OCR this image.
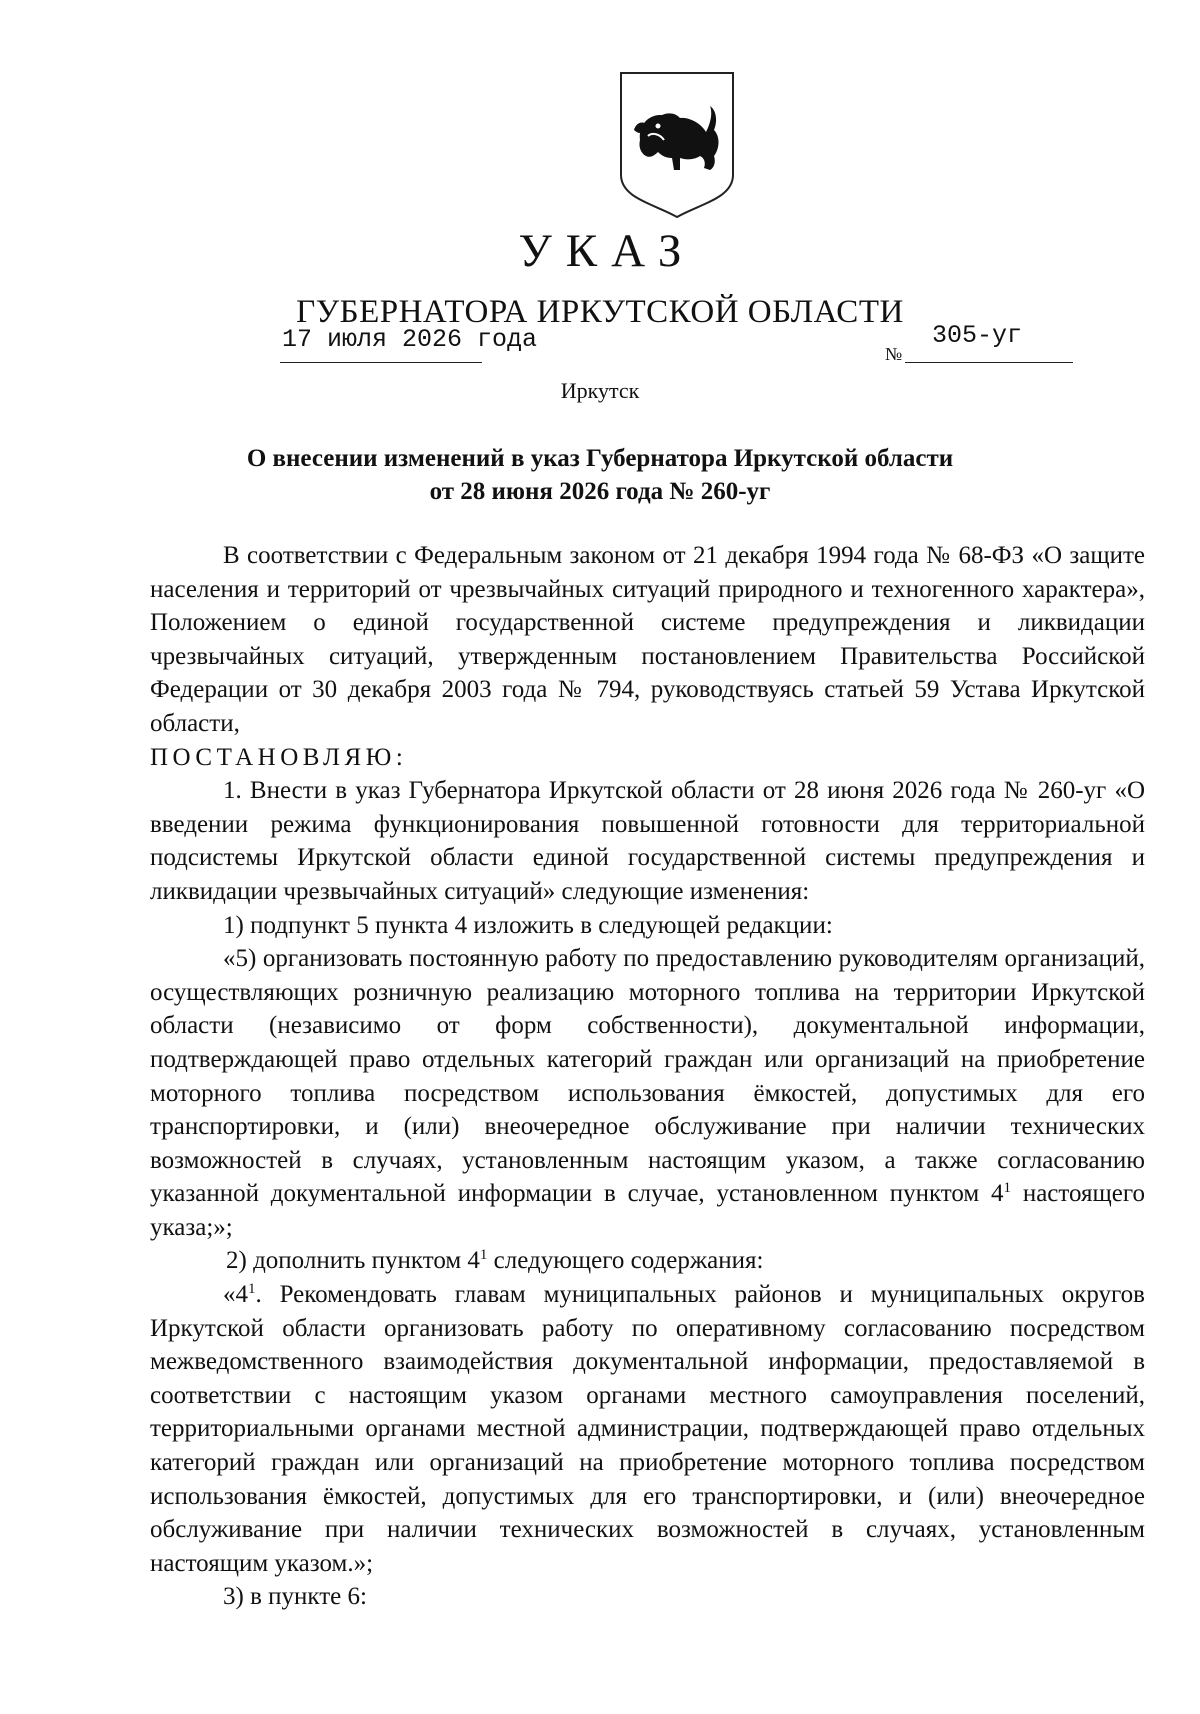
УКАЗ
ГУБЕРНАТОРА ИРКУТСКОЙ ОБЛАСТИ
17 июля 2026 года	№
305-уг
Иркутск
О внесении изменений в указ Губернатора Иркутской области
от 28 июня 2026 года № 260-уг

В соответствии с Федеральным законом от 21 декабря 1994 года № 68-ФЗ «О защите населения и территорий от чрезвычайных ситуаций природного и техногенного характера», Положением о единой государственной системе предупреждения и ликвидации чрезвычайных ситуаций, утвержденным постановлением Правительства Российской Федерации от 30 декабря 2003 года № 794, руководствуясь статьей 59 Устава Иркутской области,

ПОСТАНОВЛЯЮ:

1. Внести в указ Губернатора Иркутской области от 28 июня 2026 года № 260-уг «О введении режима функционирования повышенной готовности для территориальной подсистемы Иркутской области единой государственной системы предупреждения и ликвидации чрезвычайных ситуаций» следующие изменения:

1) подпункт 5 пункта 4 изложить в следующей редакции:

«5) организовать постоянную работу по предоставлению руководителям организаций, осуществляющих розничную реализацию моторного топлива на территории Иркутской области (независимо от форм собственности), документальной информации, подтверждающей право отдельных категорий граждан или организаций на приобретение моторного топлива посредством использования ёмкостей, допустимых для его транспортировки, и (или) внеочередное обслуживание при наличии технических возможностей в случаях, установленным настоящим указом, а также согласованию указанной документальной информации в случае, установленном пунктом $4^1$ настоящего указа;»;

2) дополнить пунктом $4^1$ следующего содержания:

«$4^1$. Рекомендовать главам муниципальных районов и муниципальных округов Иркутской области организовать работу по оперативному согласованию посредством межведомственного взаимодействия документальной информации, предоставляемой в соответствии с настоящим указом органами местного самоуправления поселений, территориальными органами местной администрации, подтверждающей право отдельных категорий граждан или организаций на приобретение моторного топлива посредством использования ёмкостей, допустимых для его транспортировки, и (или) внеочередное обслуживание при наличии технических возможностей в случаях, установленным настоящим указом.»;

3) в пункте 6:
